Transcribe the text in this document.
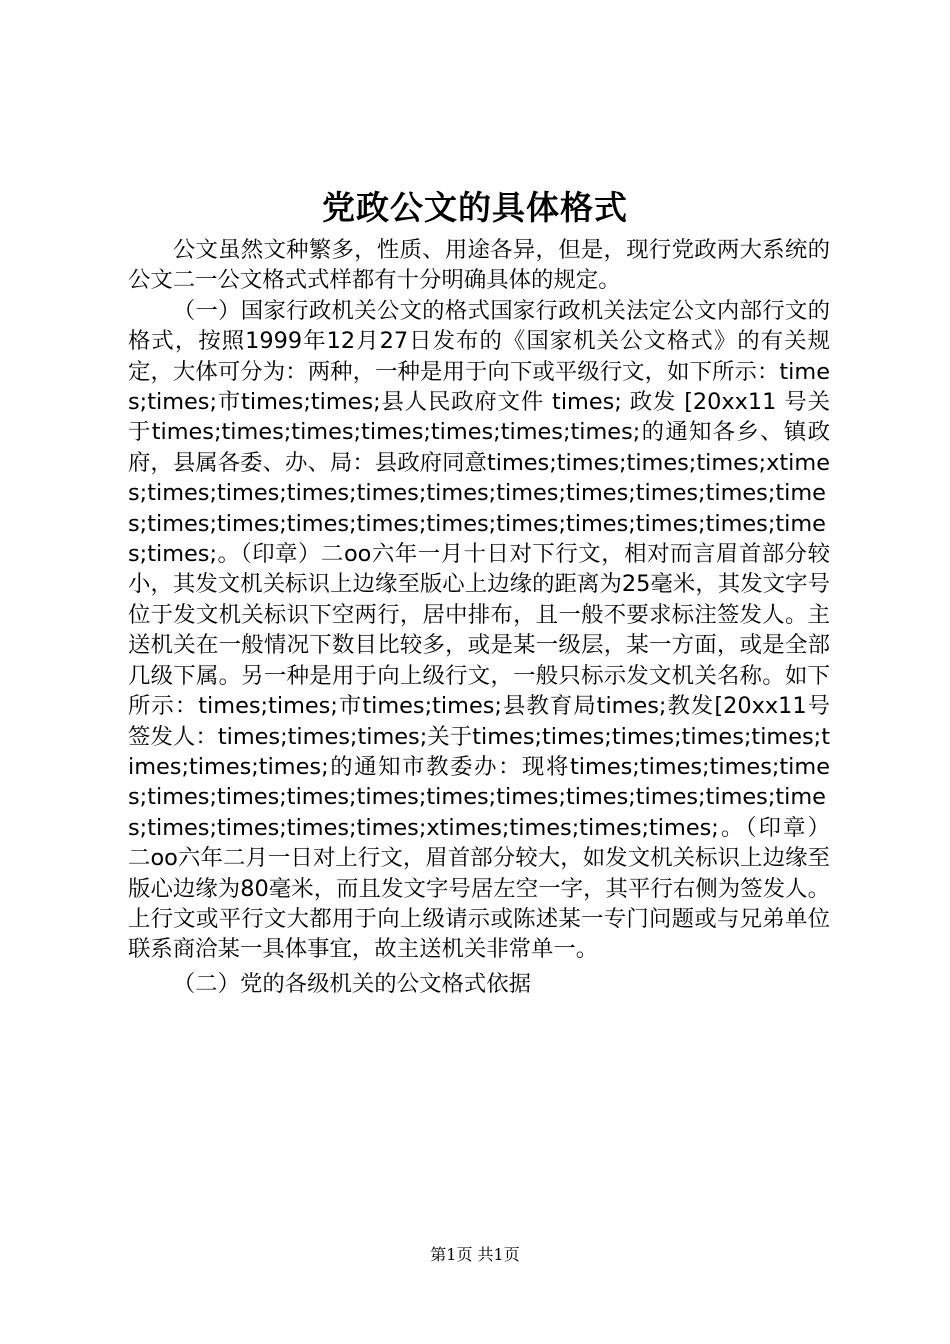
党政公文的具体格式

公文虽然文种繁多，性质、用途各异，但是，现行党政两大系统的公文二一公文格式式样都有十分明确具体的规定。

（一）国家行政机关公文的格式国家行政机关法定公文内部行文的格式，按照1999年12月27日发布的《国家机关公文格式》的有关规定，大体可分为：两种，一种是用于向下或平级行文，如下所示：times;times;市times;times;县人民政府文件 times; 政发 [20xx11 号关于times;times;times;times;times;times;times;的通知各乡、镇政府，县属各委、办、局：县政府同意times;times;times;times;xtimes;times;times;times;times;times;times;times;times;times;times;times;times;times;times;times;times;times;times;times;times;times;。（印章）二oo六年一月十日对下行文，相对而言眉首部分较小，其发文机关标识上边缘至版心上边缘的距离为25毫米，其发文字号位于发文机关标识下空两行，居中排布，且一般不要求标注签发人。主送机关在一般情况下数目比较多，或是某一级层，某一方面，或是全部几级下属。另一种是用于向上级行文，一般只标示发文机关名称。如下所示：times;times;市times;times;县教育局times;教发[20xx11号签发人：times;times;times;关于times;times;times;times;times;times;times;times;的通知市教委办：现将times;times;times;times;times;times;times;times;times;times;times;times;times;times;times;times;times;times;xtimes;times;times;times;。（印章）二oo六年二月一日对上行文，眉首部分较大，如发文机关标识上边缘至版心边缘为80毫米，而且发文字号居左空一字，其平行右侧为签发人。上行文或平行文大都用于向上级请示或陈述某一专门问题或与兄弟单位联系商洽某一具体事宜，故主送机关非常单一。

（二）党的各级机关的公文格式依据

第1页 共1页
